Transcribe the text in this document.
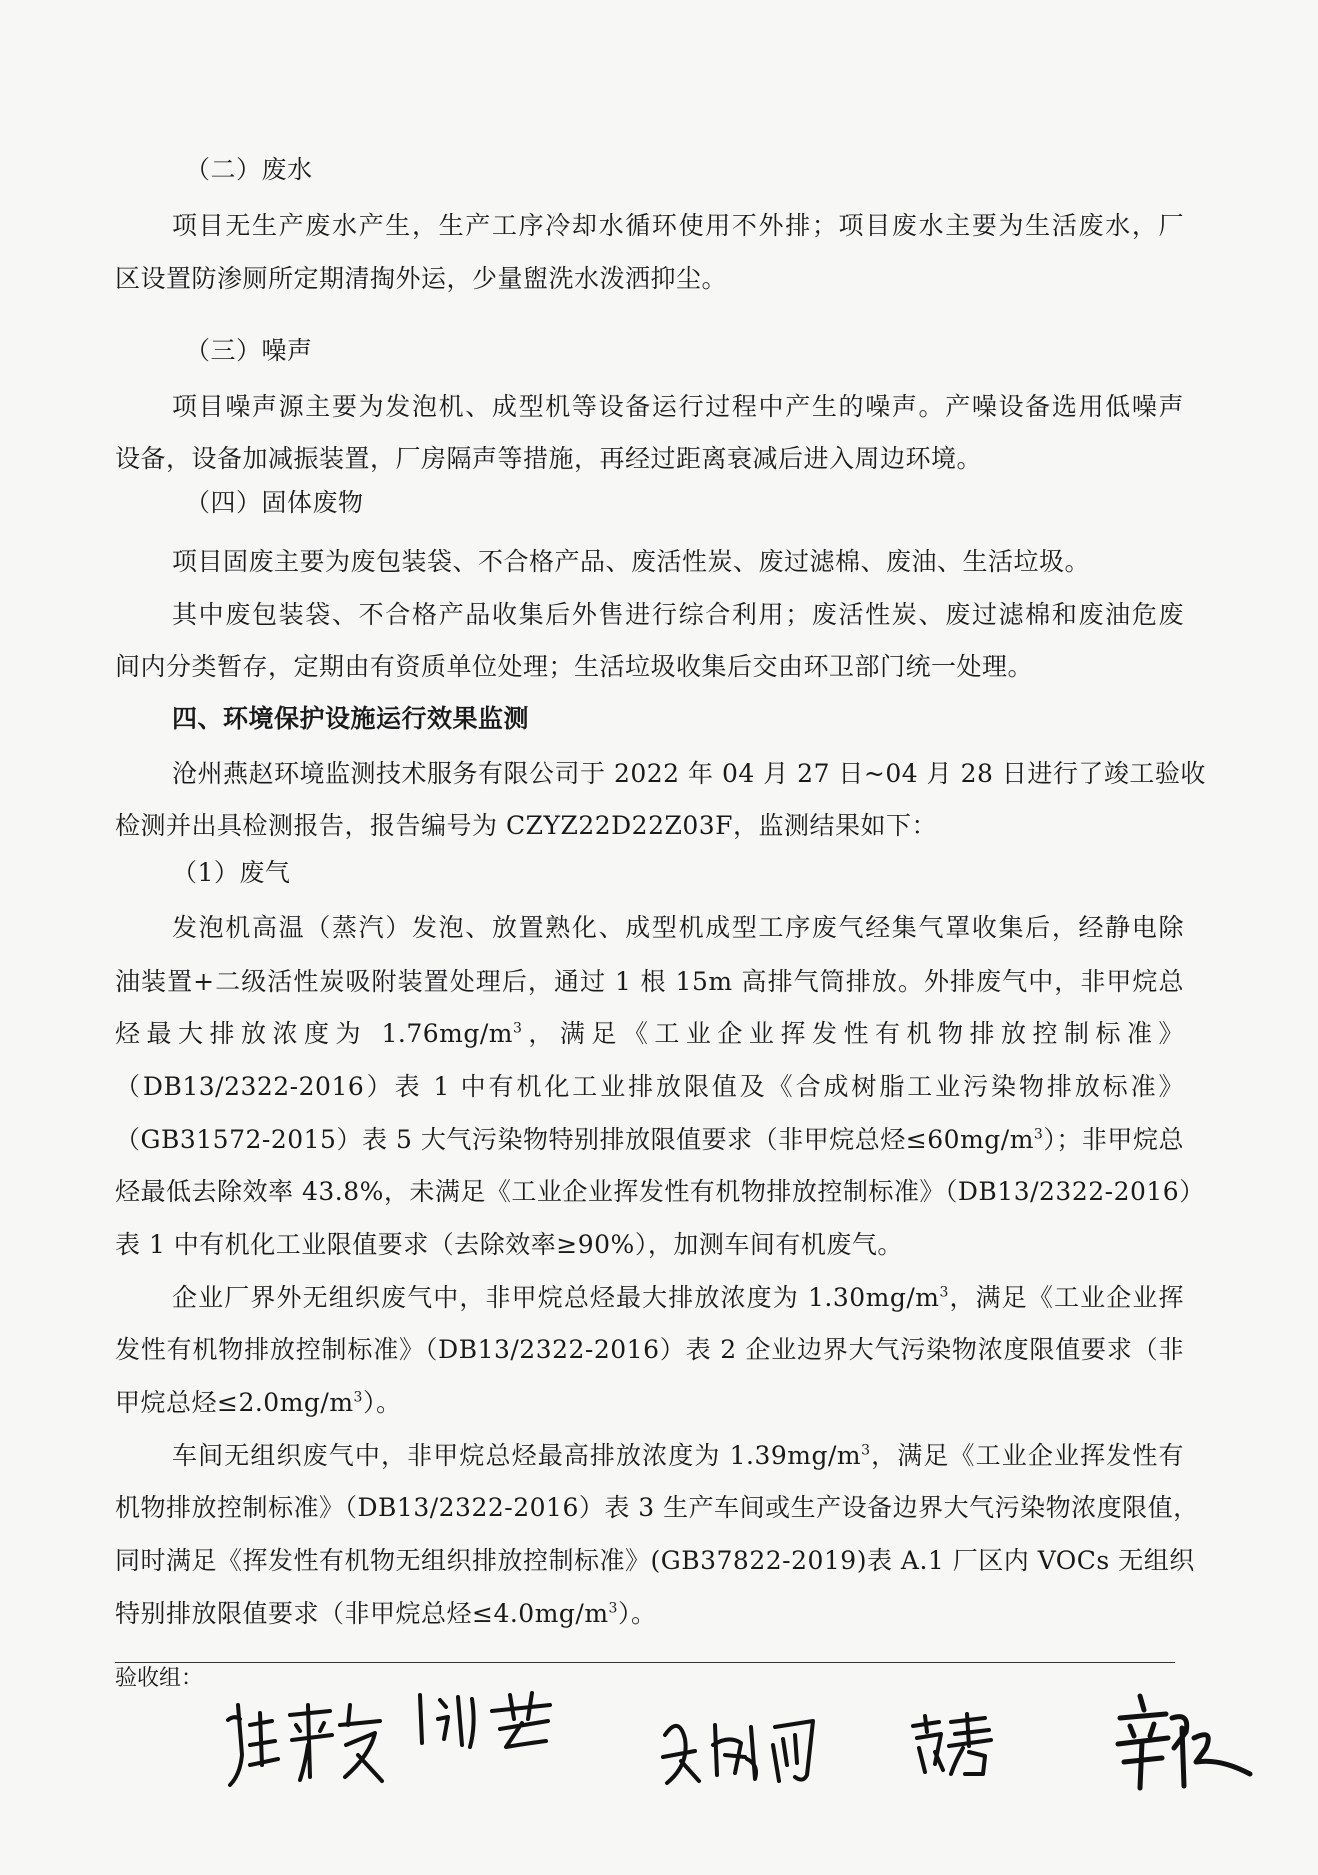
（二）废水
项目无生产废水产生，生产工序冷却水循环使用不外排；项目废水主要为生活废水，厂
区设置防渗厕所定期清掏外运，少量盥洗水泼洒抑尘。
（三）噪声
项目噪声源主要为发泡机、成型机等设备运行过程中产生的噪声。产噪设备选用低噪声
设备，设备加减振装置，厂房隔声等措施，再经过距离衰减后进入周边环境。
（四）固体废物
项目固废主要为废包装袋、不合格产品、废活性炭、废过滤棉、废油、生活垃圾。
其中废包装袋、不合格产品收集后外售进行综合利用；废活性炭、废过滤棉和废油危废
间内分类暂存，定期由有资质单位处理；生活垃圾收集后交由环卫部门统一处理。
四、环境保护设施运行效果监测
沧州燕赵环境监测技术服务有限公司于 2022 年 04 月 27 日~04 月 28 日进行了竣工验收
检测并出具检测报告，报告编号为 CZYZ22D22Z03F，监测结果如下：
（1）废气
发泡机高温（蒸汽）发泡、放置熟化、成型机成型工序废气经集气罩收集后，经静电除
油装置+二级活性炭吸附装置处理后，通过 1 根 15m 高排气筒排放。外排废气中，非甲烷总
烃最大排放浓度为 $1.76mg/m^3$，满足《工业企业挥发性有机物排放控制标准》
（DB13/2322-2016）表 1 中有机化工业排放限值及《合成树脂工业污染物排放标准》
（GB31572-2015）表 5 大气污染物特别排放限值要求（非甲烷总烃$\le 60mg/m^3$）；非甲烷总
烃最低去除效率 43.8%，未满足《工业企业挥发性有机物排放控制标准》（DB13/2322-2016）
表 1 中有机化工业限值要求（去除效率≥90%），加测车间有机废气。
企业厂界外无组织废气中，非甲烷总烃最大排放浓度为 $1.30mg/m^3$，满足《工业企业挥
发性有机物排放控制标准》（DB13/2322-2016）表 2 企业边界大气污染物浓度限值要求（非
甲烷总烃$\le 2.0mg/m^3$）。
车间无组织废气中，非甲烷总烃最高排放浓度为 $1.39mg/m^3$，满足《工业企业挥发性有
机物排放控制标准》（DB13/2322-2016）表 3 生产车间或生产设备边界大气污染物浓度限值，
同时满足《挥发性有机物无组织排放控制标准》(GB37822-2019)表 A.1 厂区内 VOCs 无组织
特别排放限值要求（非甲烷总烃$\le 4.0mg/m^3$）。
验收组：
